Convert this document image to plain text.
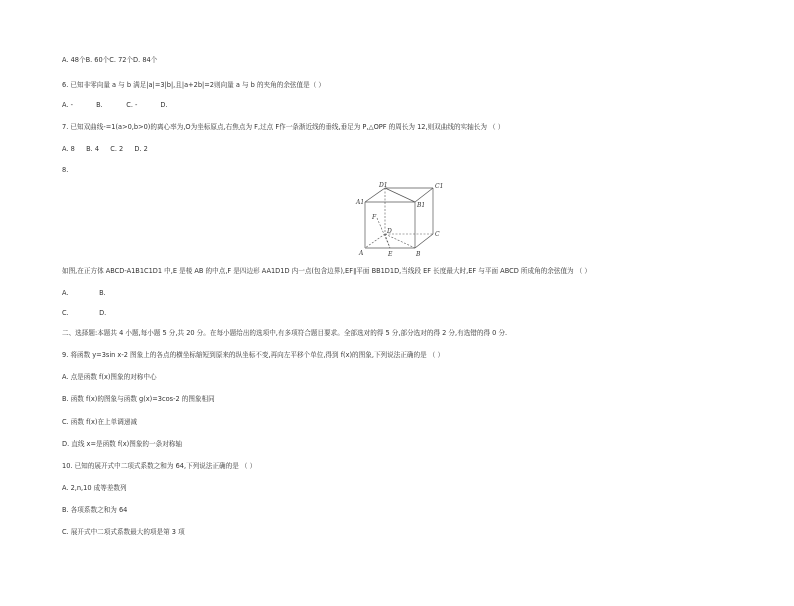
A. 48个B. 60个C. 72个D. 84个
6. 已知非零向量 a 与 b 满足|a|=3|b|,且|a+2b|=2则向量 a 与 b 的夹角的余弦值是（ ）
A. -	B.	C. -	D.
7. 已知双曲线-=1(a>0,b>0)的离心率为,O为坐标原点,右焦点为 F,过点 F作一条渐近线的垂线,垂足为 P,△OPF 的周长为 12,则双曲线的实轴长为 （ ）
A. 8 B. 4 C. 2 D. 2
8.
D1	C1
A1	B1
F
D	C
A	E	B
如图,在正方体 ABCD-A1B1C1D1 中,E 是棱 AB 的中点,F 是四边形 AA1D1D 内一点(包含边界),EF∥平面 BB1D1D,当线段 EF 长度最大时,EF 与平面 ABCD 所成角的余弦值为 （ ）
A.	B.
C.	D.
二、选择题:本题共 4 小题,每小题 5 分,共 20 分。在每小题给出的选项中,有多项符合题目要求。全部选对的得 5 分,部分选对的得 2 分,有选错的得 0 分.
9. 将函数 y=3sin x-2 图象上的各点的横坐标缩短到原来的纵坐标不变,再向左平移个单位,得到 f(x)的图象,下列说法正确的是 （ ）
A. 点是函数 f(x)图象的对称中心
B. 函数 f(x)的图象与函数 g(x)=3cos-2 的图象相同
C. 函数 f(x)在上单调递减
D. 直线 x=是函数 f(x)图象的一条对称轴
10. 已知的展开式中二项式系数之和为 64,下列说法正确的是 （ ）
A. 2,n,10 成等差数列
B. 各项系数之和为 64
C. 展开式中二项式系数最大的项是第 3 项
